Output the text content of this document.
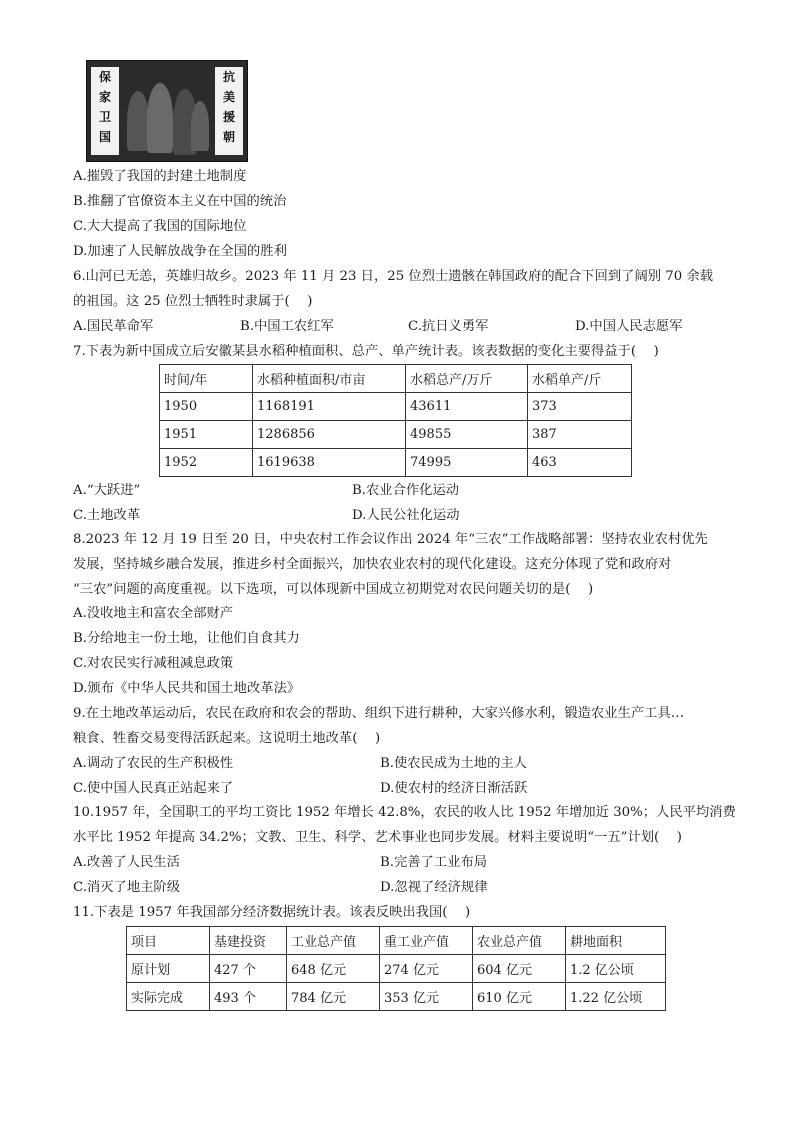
保
家
卫
国
抗
美
援
朝
A.摧毁了我国的封建土地制度
B.推翻了官僚资本主义在中国的统治
C.大大提高了我国的国际地位
D.加速了人民解放战争在全国的胜利
6.山河已无恙，英雄归故乡。2023 年 11 月 23 日，25 位烈士遗骸在韩国政府的配合下回到了阔别 70 余载
的祖国。这 25 位烈士牺牲时隶属于(　 )
A.国民革命军	B.中国工农红军	C.抗日义勇军	D.中国人民志愿军
7.下表为新中国成立后安徽某县水稻种植面积、总产、单产统计表。该表数据的变化主要得益于(　 )
时间/年	水稻种植面积/市亩	水稻总产/万斤	水稻单产/斤
1950	1168191	43611	373
1951	1286856	49855	387
1952	1619638	74995	463
A.“大跃进”	B.农业合作化运动
C.土地改革	D.人民公社化运动
8.2023 年 12 月 19 日至 20 日，中央农村工作会议作出 2024 年“三农”工作战略部署：坚持农业农村优先
发展，坚持城乡融合发展，推进乡村全面振兴，加快农业农村的现代化建设。这充分体现了党和政府对
“三农”问题的高度重视。以下选项，可以体现新中国成立初期党对农民问题关切的是(　 )
A.没收地主和富农全部财产
B.分给地主一份土地，让他们自食其力
C.对农民实行减租减息政策
D.颁布《中华人民共和国土地改革法》
9.在土地改革运动后，农民在政府和农会的帮助、组织下进行耕种，大家兴修水利，锻造农业生产工具…
粮食、牲畜交易变得活跃起来。这说明土地改革(　 )
A.调动了农民的生产积极性	B.使农民成为土地的主人
C.使中国人民真正站起来了	D.使农村的经济日渐活跃
10.1957 年，全国职工的平均工资比 1952 年增长 42.8%，农民的收人比 1952 年增加近 30%；人民平均消费
水平比 1952 年提高 34.2%；文教、卫生、科学、艺术事业也同步发展。材料主要说明“一五”计划(　 )
A.改善了人民生活	B.完善了工业布局
C.消灭了地主阶级	D.忽视了经济规律
11.下表是 1957 年我国部分经济数据统计表。该表反映出我国(　 )
项目	基建投资	工业总产值	重工业产值	农业总产值	耕地面积
原计划	427 个	648 亿元	274 亿元	604 亿元	1.2 亿公顷
实际完成	493 个	784 亿元	353 亿元	610 亿元	1.22 亿公顷
